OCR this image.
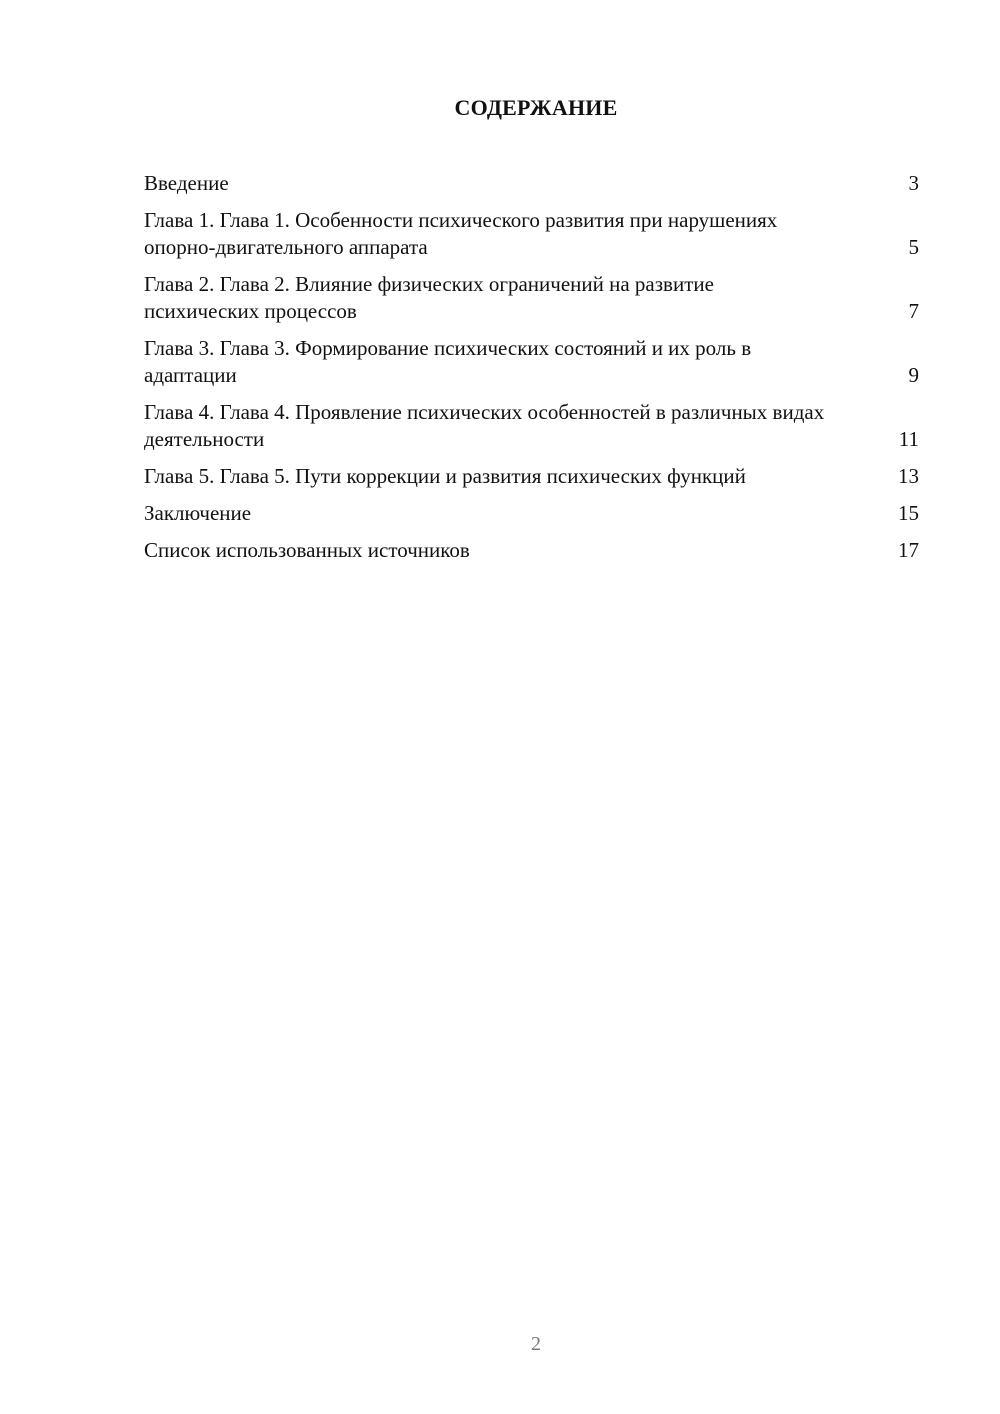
СОДЕРЖАНИЕ
Введение	3
Глава 1. Глава 1. Особенности психического развития при нарушениях опорно-двигательного аппарата	5
Глава 2. Глава 2. Влияние физических ограничений на развитие психических процессов	7
Глава 3. Глава 3. Формирование психических состояний и их роль в адаптации	9
Глава 4. Глава 4. Проявление психических особенностей в различных видах деятельности	11
Глава 5. Глава 5. Пути коррекции и развития психических функций	13
Заключение	15
Список использованных источников	17
2
